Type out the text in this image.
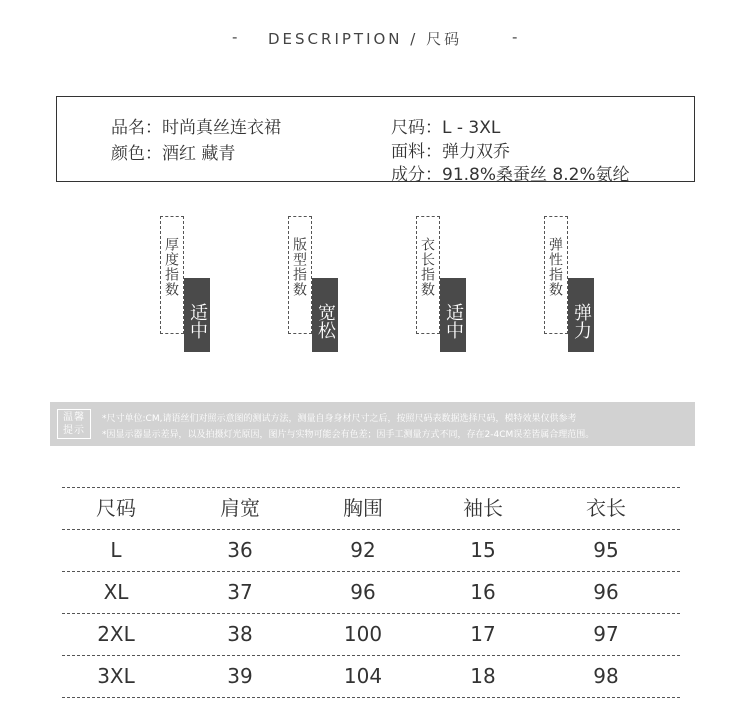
- DESCRIPTION / 尺码	-
品名：时尚真丝连衣裙
颜色：酒红 藏青
尺码：L - 3XL
面料：弹力双乔
成分：91.8%桑蚕丝 8.2%氨纶
厚度指数
适中
版型指数
宽松
衣长指数
适中
弹性指数
弹力
温馨提示
*尺寸单位:CM,请语丝们对照示意图的测试方法，测量自身身材尺寸之后，按照尺码表数据选择尺码，模特效果仅供参考
*因显示器显示差异，以及拍摄灯光原因，图片与实物可能会有色差；因手工测量方式不同，存在2-4CM误差皆属合理范围。
尺码	肩宽	胸围	袖长	衣长
L	36	92	15	95
XL	37	96	16	96
2XL	38	100	17	97
3XL	39	104	18	98
